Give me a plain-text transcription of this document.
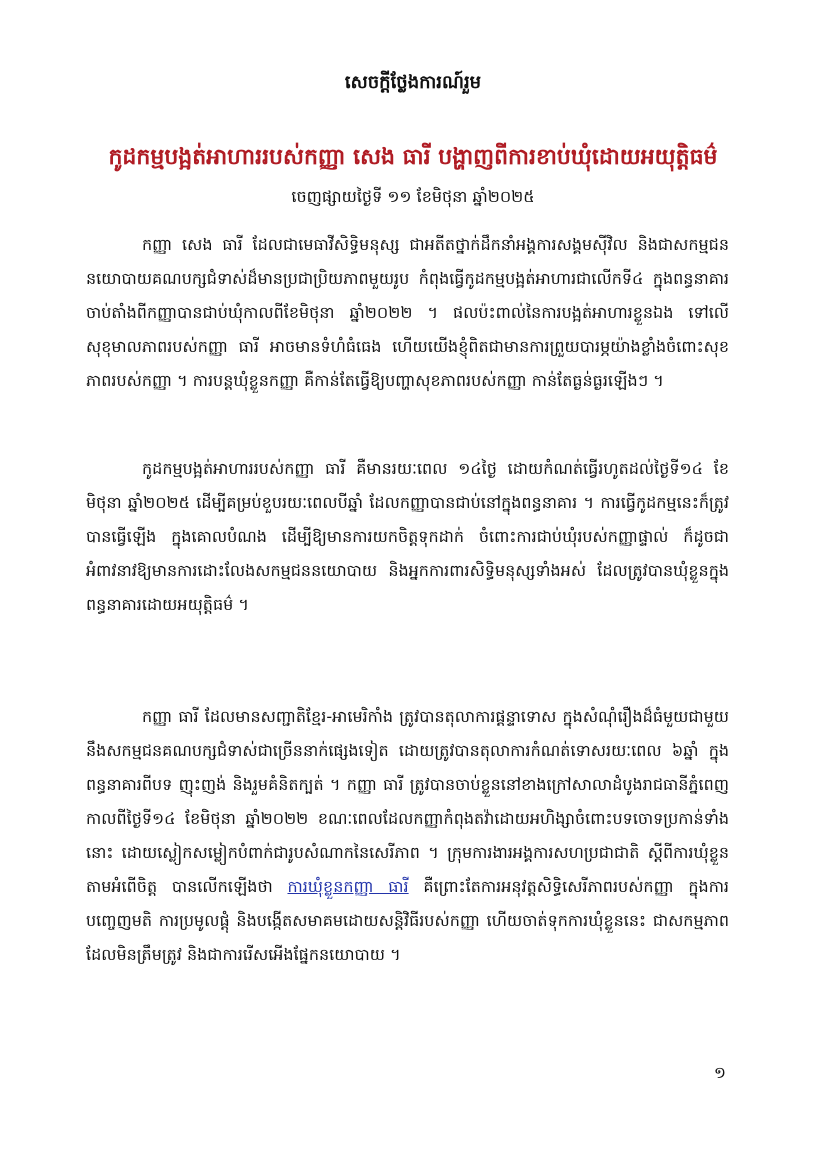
សេចក្តីថ្លែងការណ៍រួម
កូដកម្មបង្អត់អាហាររបស់កញ្ញា សេង ធារី បង្ហាញពីការខាប់ឃុំដោយអយុត្តិធម៌
ចេញផ្សាយថ្ងៃទី ១១ ខែមិថុនា ឆ្នាំ២០២៥

កញ្ញា សេង ធារី ដែលជាមេធាវីសិទ្ធិមនុស្ស ជាអតីតថ្នាក់ដឹកនាំអង្គការសង្គមស៊ីវិល និងជាសកម្មជននយោបាយគណបក្សជំទាស់ដ៏មានប្រជាប្រិយភាពមួយរូប កំពុងធ្វើកូដកម្មបង្អត់អាហារជាលើកទី៤ ក្នុងពន្ធនាគារ ចាប់តាំងពីកញ្ញាបានជាប់ឃុំកាលពីខែមិថុនា ឆ្នាំ២០២២ ។ ផលប៉ះពាល់នៃការបង្អត់អាហារខ្លួនឯង ទៅលើសុខុមាលភាពរបស់កញ្ញា ធារី អាចមានទំហំធំធេង ហើយយើងខ្ញុំពិតជាមានការព្រួយបារម្ភយ៉ាងខ្លាំងចំពោះសុខភាពរបស់កញ្ញា ។ ការបន្តឃុំខ្លួនកញ្ញា គឺកាន់តែធ្វើឱ្យបញ្ហាសុខភាពរបស់កញ្ញា កាន់តែធ្ងន់ធ្ងរឡើងៗ ។

កូដកម្មបង្អត់អាហាររបស់កញ្ញា ធារី គឺមានរយៈពេល ១៤ថ្ងៃ ដោយកំណត់ធ្វើរហូតដល់ថ្ងៃទី១៤ ខែមិថុនា ឆ្នាំ២០២៥ ដើម្បីគម្រប់ខួបរយៈពេលបីឆ្នាំ ដែលកញ្ញាបានជាប់នៅក្នុងពន្ធនាគារ ។ ការធ្វើកូដកម្មនេះក៏ត្រូវបានធ្វើឡើង ក្នុងគោលបំណង ដើម្បីឱ្យមានការយកចិត្តទុកដាក់ ចំពោះការជាប់ឃុំរបស់កញ្ញាផ្ទាល់ ក៏ដូចជាអំពាវនាវឱ្យមានការដោះលែងសកម្មជននយោបាយ និងអ្នកការពារសិទ្ធិមនុស្សទាំងអស់ ដែលត្រូវបានឃុំខ្លួនក្នុងពន្ធនាគារដោយអយុត្តិធម៌ ។

កញ្ញា ធារី ដែលមានសញ្ជាតិខ្មែរ-អាមេរិកាំង ត្រូវបានតុលាការផ្តន្ទាទោស ក្នុងសំណុំរឿងដ៏ធំមួយជាមួយនឹងសកម្មជនគណបក្សជំទាស់ជាច្រើននាក់ផ្សេងទៀត ដោយត្រូវបានតុលាការកំណត់ទោសរយៈពេល ៦ឆ្នាំ ក្នុងពន្ធនាគារពីបទ ញុះញង់ និងរួមគំនិតក្បត់ ។ កញ្ញា ធារី ត្រូវបានចាប់ខ្លួននៅខាងក្រៅសាលាដំបូងរាជធានីភ្នំពេញ កាលពីថ្ងៃទី១៤ ខែមិថុនា ឆ្នាំ២០២២ ខណៈពេលដែលកញ្ញាកំពុងតវ៉ាដោយអហិង្សាចំពោះបទចោទប្រកាន់ទាំងនោះ ដោយស្លៀកសម្លៀកបំពាក់ជារូបសំណាកនៃសេរីភាព ។ ក្រុមការងារអង្គការសហប្រជាជាតិ ស្តីពីការឃុំខ្លួនតាមអំពើចិត្ត បានលើកឡើងថា ការឃុំខ្លួនកញ្ញា ធារី គឺព្រោះតែការអនុវត្តសិទ្ធិសេរីភាពរបស់កញ្ញា ក្នុងការបញ្ចេញមតិ ការប្រមូលផ្តុំ និងបង្កើតសមាគមដោយសន្តិវិធីរបស់កញ្ញា ហើយចាត់ទុកការឃុំខ្លួននេះ ជាសកម្មភាពដែលមិនត្រឹមត្រូវ និងជាការរើសអើងផ្នែកនយោបាយ ។

១
